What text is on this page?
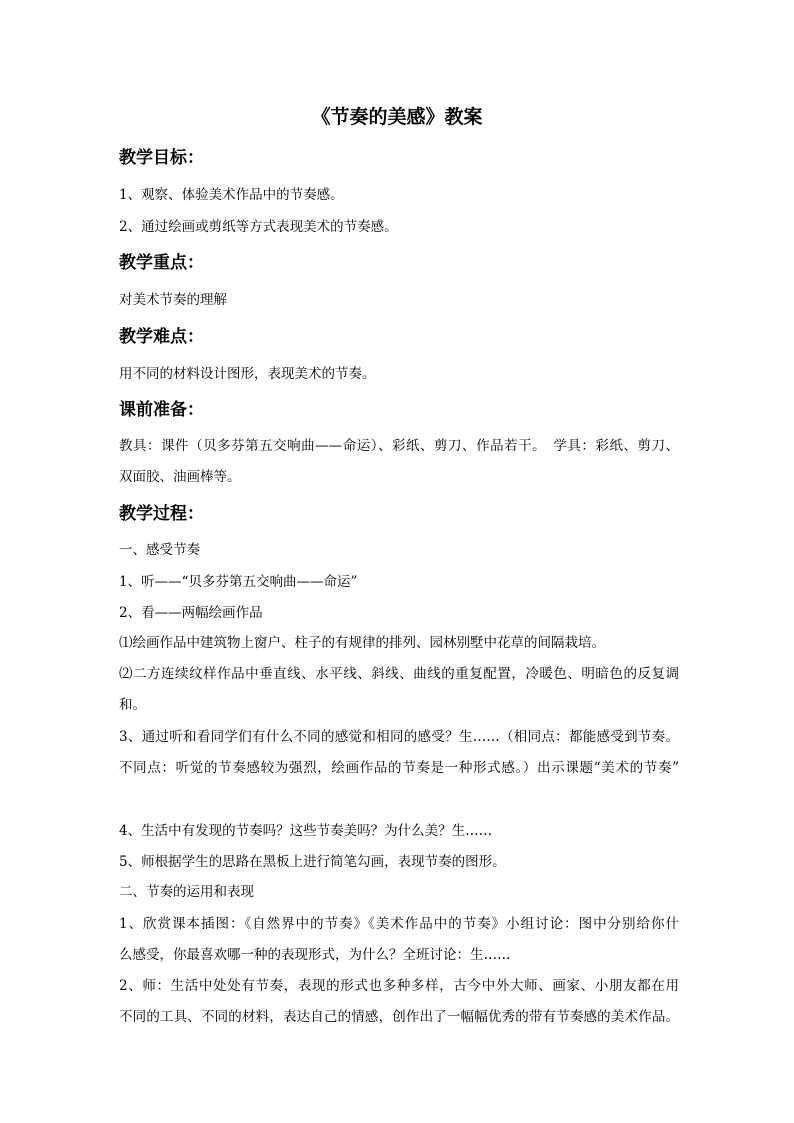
《节奏的美感》教案
教学目标：
1、观察、体验美术作品中的节奏感。
2、通过绘画或剪纸等方式表现美术的节奏感。
教学重点：
对美术节奏的理解
教学难点：
用不同的材料设计图形，表现美术的节奏。
课前准备：
教具：课件（贝多芬第五交响曲——命运）、彩纸、剪刀、作品若干。　学具：彩纸、剪刀、
双面胶、油画棒等。
教学过程：
一、感受节奏
1、听——“贝多芬第五交响曲——命运”
2、看——两幅绘画作品
⑴绘画作品中建筑物上窗户、柱子的有规律的排列、园林别墅中花草的间隔栽培。
⑵二方连续纹样作品中垂直线、水平线、斜线、曲线的重复配置，冷暖色、明暗色的反复调
和。
3、通过听和看同学们有什么不同的感觉和相同的感受？生……（相同点：都能感受到节奏。
不同点：听觉的节奏感较为强烈，绘画作品的节奏是一种形式感。）出示课题“美术的节奏”
4、生活中有发现的节奏吗？这些节奏美吗？为什么美？生……
5、师根据学生的思路在黑板上进行简笔勾画，表现节奏的图形。
二、节奏的运用和表现
1、欣赏课本插图：《自然界中的节奏》《美术作品中的节奏》小组讨论：图中分别给你什
么感受，你最喜欢哪一种的表现形式，为什么？全班讨论：生……
2、师：生活中处处有节奏，表现的形式也多种多样，古今中外大师、画家、小朋友都在用
不同的工具、不同的材料，表达自己的情感，创作出了一幅幅优秀的带有节奏感的美术作品。
